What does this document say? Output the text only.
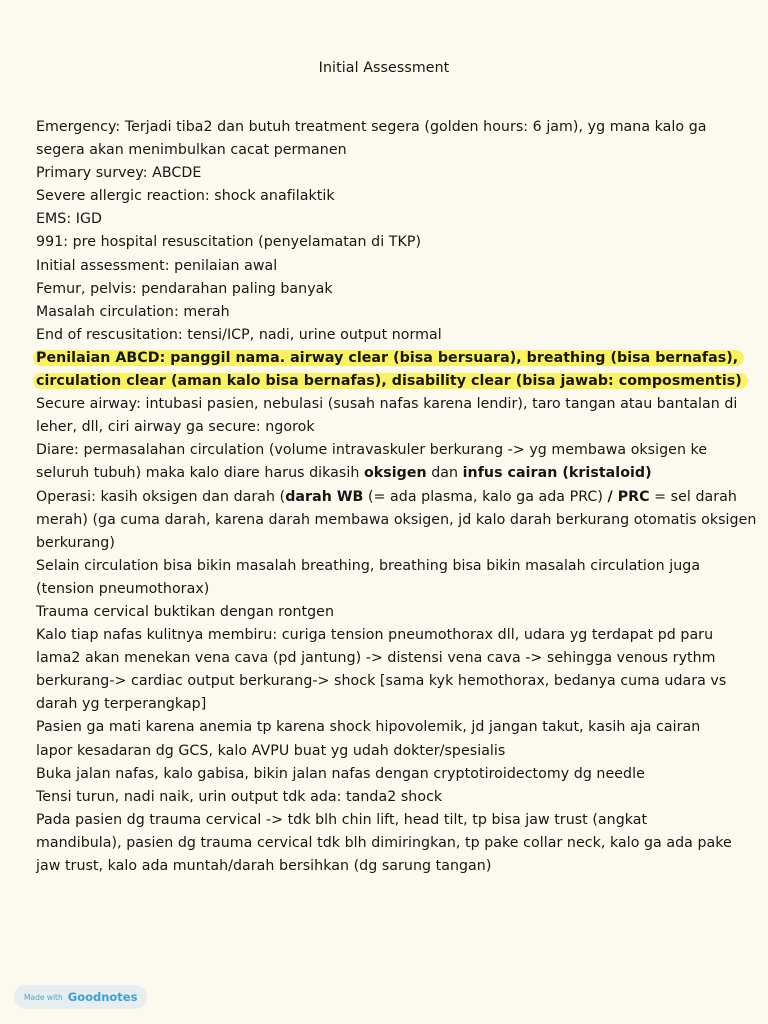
Initial Assessment
Emergency: Terjadi tiba2 dan butuh treatment segera (golden hours: 6 jam), yg mana kalo ga
segera akan menimbulkan cacat permanen
Primary survey: ABCDE
Severe allergic reaction: shock anafilaktik
EMS: IGD
991: pre hospital resuscitation (penyelamatan di TKP)
Initial assessment: penilaian awal
Femur, pelvis: pendarahan paling banyak
Masalah circulation: merah
End of rescusitation: tensi/ICP, nadi, urine output normal
Penilaian ABCD: panggil nama. airway clear (bisa bersuara), breathing (bisa bernafas),
circulation clear (aman kalo bisa bernafas), disability clear (bisa jawab: composmentis)
Secure airway: intubasi pasien, nebulasi (susah nafas karena lendir), taro tangan atau bantalan di
leher, dll, ciri airway ga secure: ngorok
Diare: permasalahan circulation (volume intravaskuler berkurang -> yg membawa oksigen ke
seluruh tubuh) maka kalo diare harus dikasih oksigen dan infus cairan (kristaloid)
Operasi: kasih oksigen dan darah (darah WB (= ada plasma, kalo ga ada PRC) / PRC = sel darah
merah) (ga cuma darah, karena darah membawa oksigen, jd kalo darah berkurang otomatis oksigen
berkurang)
Selain circulation bisa bikin masalah breathing, breathing bisa bikin masalah circulation juga
(tension pneumothorax)
Trauma cervical buktikan dengan rontgen
Kalo tiap nafas kulitnya membiru: curiga tension pneumothorax dll, udara yg terdapat pd paru
lama2 akan menekan vena cava (pd jantung) -> distensi vena cava -> sehingga venous rythm
berkurang-> cardiac output berkurang-> shock [sama kyk hemothorax, bedanya cuma udara vs
darah yg terperangkap]
Pasien ga mati karena anemia tp karena shock hipovolemik, jd jangan takut, kasih aja cairan
lapor kesadaran dg GCS, kalo AVPU buat yg udah dokter/spesialis
Buka jalan nafas, kalo gabisa, bikin jalan nafas dengan cryptotiroidectomy dg needle
Tensi turun, nadi naik, urin output tdk ada: tanda2 shock
Pada pasien dg trauma cervical -> tdk blh chin lift, head tilt, tp bisa jaw trust (angkat
mandibula), pasien dg trauma cervical tdk blh dimiringkan, tp pake collar neck, kalo ga ada pake
jaw trust, kalo ada muntah/darah bersihkan (dg sarung tangan)
Made with Goodnotes
